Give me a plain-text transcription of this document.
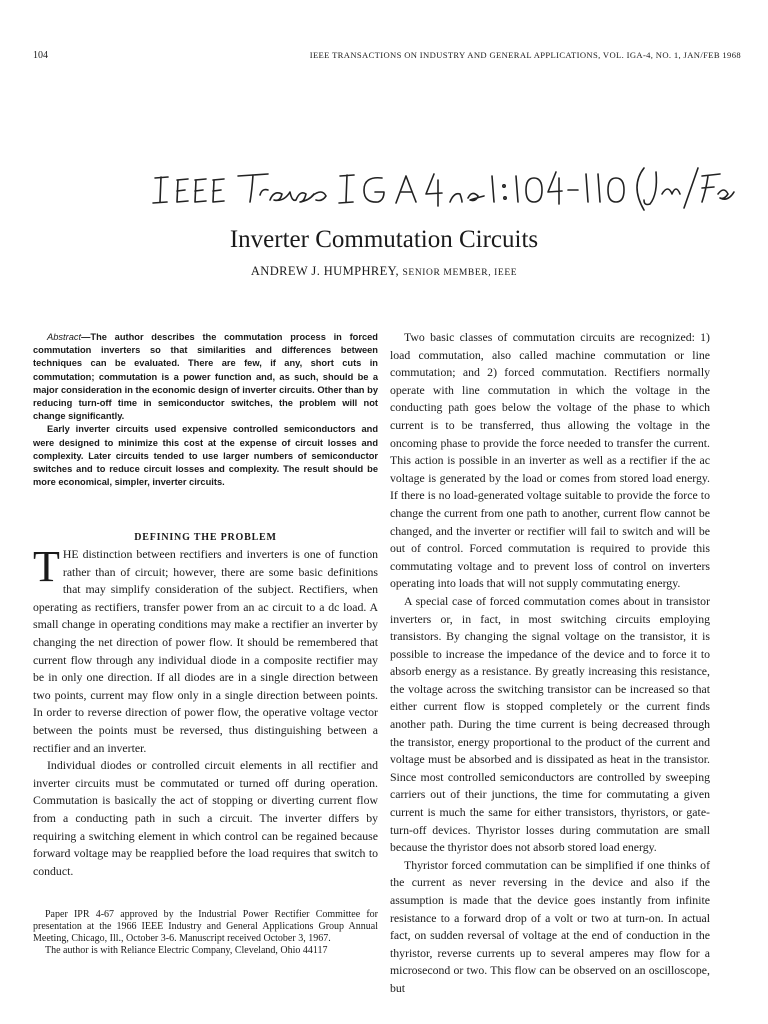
104	IEEE TRANSACTIONS ON INDUSTRY AND GENERAL APPLICATIONS, VOL. IGA-4, NO. 1, JAN/FEB 1968
Inverter Commutation Circuits

ANDREW J. HUMPHREY, SENIOR MEMBER, IEEE

Abstract—The author describes the commutation process in forced commutation inverters so that similarities and differences between techniques can be evaluated. There are few, if any, short cuts in commutation; commutation is a power function and, as such, should be a major consideration in the economic design of inverter circuits. Other than by reducing turn-off time in semiconductor switches, the problem will not change significantly.

Early inverter circuits used expensive controlled semiconductors and were designed to minimize this cost at the expense of circuit losses and complexity. Later circuits tended to use larger numbers of semiconductor switches and to reduce circuit losses and complexity. The result should be more economical, simpler, inverter circuits.

DEFINING THE PROBLEM

THE distinction between rectifiers and inverters is one of function rather than of circuit; however, there are some basic definitions that may simplify consideration of the subject. Rectifiers, when operating as rectifiers, transfer power from an ac circuit to a dc load. A small change in operating conditions may make a rectifier an inverter by changing the net direction of power flow. It should be remembered that current flow through any individual diode in a composite rectifier may be in only one direction. If all diodes are in a single direction between two points, current may flow only in a single direction between points. In order to reverse direction of power flow, the operative voltage vector between the points must be reversed, thus distinguishing between a rectifier and an inverter.

Individual diodes or controlled circuit elements in all rectifier and inverter circuits must be commutated or turned off during operation. Commutation is basically the act of stopping or diverting current flow from a conducting path in such a circuit. The inverter differs by requiring a switching element in which control can be regained because forward voltage may be reapplied before the load requires that switch to conduct.

Paper IPR 4-67 approved by the Industrial Power Rectifier Committee for presentation at the 1966 IEEE Industry and General Applications Group Annual Meeting, Chicago, Ill., October 3-6. Manuscript received October 3, 1967.

The author is with Reliance Electric Company, Cleveland, Ohio 44117

Two basic classes of commutation circuits are recognized: 1) load commutation, also called machine commutation or line commutation; and 2) forced commutation. Rectifiers normally operate with line commutation in which the voltage in the conducting path goes below the voltage of the phase to which current is to be transferred, thus allowing the voltage in the oncoming phase to provide the force needed to transfer the current. This action is possible in an inverter as well as a rectifier if the ac voltage is generated by the load or comes from stored load energy. If there is no load-generated voltage suitable to provide the force to change the current from one path to another, current flow cannot be changed, and the inverter or rectifier will fail to switch and will be out of control. Forced commutation is required to provide this commutating voltage and to prevent loss of control on inverters operating into loads that will not supply commutating energy.

A special case of forced commutation comes about in transistor inverters or, in fact, in most switching circuits employing transistors. By changing the signal voltage on the transistor, it is possible to increase the impedance of the device and to force it to absorb energy as a resistance. By greatly increasing this resistance, the voltage across the switching transistor can be increased so that either current flow is stopped completely or the current finds another path. During the time current is being decreased through the transistor, energy proportional to the product of the current and voltage must be absorbed and is dissipated as heat in the transistor. Since most controlled semiconductors are controlled by sweeping carriers out of their junctions, the time for commutating a given current is much the same for either transistors, thyristors, or gate-turn-off devices. Thyristor losses during commutation are small because the thyristor does not absorb stored load energy.

Thyristor forced commutation can be simplified if one thinks of the current as never reversing in the device and also if the assumption is made that the device goes instantly from infinite resistance to a forward drop of a volt or two at turn-on. In actual fact, on sudden reversal of voltage at the end of conduction in the thyristor, reverse currents up to several amperes may flow for a microsecond or two. This flow can be observed on an oscilloscope, but
